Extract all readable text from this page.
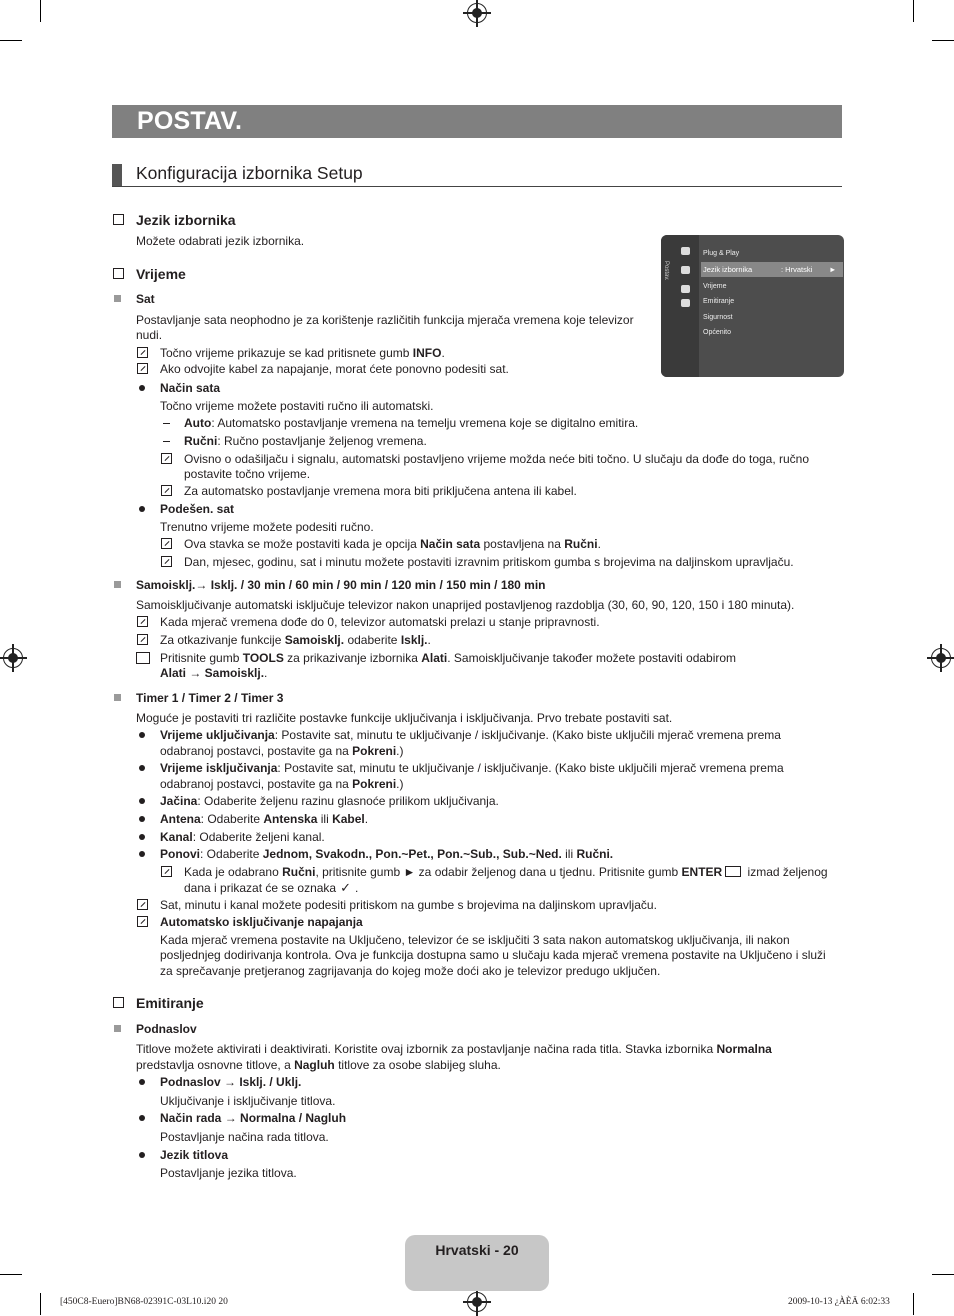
POSTAV.
Konfiguracija izbornika Setup
Jezik izbornika
Možete odabrati jezik izbornika.
Postav.
Plug & Play
Jezik izbornika	: Hrvatski ►
Vrijeme
Emitiranje
Sigurnost
Općenito
Vrijeme
Sat
Postavljanje sata neophodno je za korištenje različitih funkcija mjerača vremena koje televizor
nudi.
Točno vrijeme prikazuje se kad pritisnete gumb INFO.
Ako odvojite kabel za napajanje, morat ćete ponovno podesiti sat.
Način sata
Točno vrijeme možete postaviti ručno ili automatski.
Auto: Automatsko postavljanje vremena na temelju vremena koje se digitalno emitira.
Ručni: Ručno postavljanje željenog vremena.
Ovisno o odašiljaču i signalu, automatski postavljeno vrijeme možda neće biti točno. U slučaju da dođe do toga, ručno
postavite točno vrijeme.
Za automatsko postavljanje vremena mora biti priključena antena ili kabel.
Podešen. sat
Trenutno vrijeme možete podesiti ručno.
Ova stavka se može postaviti kada je opcija Način sata postavljena na Ručni.
Dan, mjesec, godinu, sat i minutu možete postaviti izravnim pritiskom gumba s brojevima na daljinskom upravljaču.
Samoisklj.→ Isklj. / 30 min / 60 min / 90 min / 120 min / 150 min / 180 min
Samoisključivanje automatski isključuje televizor nakon unaprijed postavljenog razdoblja (30, 60, 90, 120, 150 i 180 minuta).
Kada mjerač vremena dođe do 0, televizor automatski prelazi u stanje pripravnosti.
Za otkazivanje funkcije Samoisklj. odaberite Isklj..
Pritisnite gumb TOOLS za prikazivanje izbornika Alati. Samoisključivanje također možete postaviti odabirom
Alati → Samoisklj..
Timer 1 / Timer 2 / Timer 3
Moguće je postaviti tri različite postavke funkcije uključivanja i isključivanja. Prvo trebate postaviti sat.
Vrijeme uključivanja: Postavite sat, minutu te uključivanje / isključivanje. (Kako biste uključili mjerač vremena prema
odabranoj postavci, postavite ga na Pokreni.)
Vrijeme isključivanja: Postavite sat, minutu te uključivanje / isključivanje. (Kako biste uključili mjerač vremena prema
odabranoj postavci, postavite ga na Pokreni.)
Jačina: Odaberite željenu razinu glasnoće prilikom uključivanja.
Antena: Odaberite Antenska ili Kabel.
Kanal: Odaberite željeni kanal.
Ponovi: Odaberite Jednom, Svakodn., Pon.~Pet., Pon.~Sub., Sub.~Ned. ili Ručni.
Kada je odabrano Ručni, pritisnite gumb ► za odabir željenog dana u tjednu. Pritisnite gumb ENTER izmad željenog
dana i prikazat će se oznaka ✓ .
Sat, minutu i kanal možete podesiti pritiskom na gumbe s brojevima na daljinskom upravljaču.
Automatsko isključivanje napajanja
Kada mjerač vremena postavite na Uključeno, televizor će se isključiti 3 sata nakon automatskog uključivanja, ili nakon
posljednjeg dodirivanja kontrola. Ova je funkcija dostupna samo u slučaju kada mjerač vremena postavite na Uključeno i služi
za sprečavanje pretjeranog zagrijavanja do kojeg može doći ako je televizor predugo uključen.
Emitiranje
Podnaslov
Titlove možete aktivirati i deaktivirati. Koristite ovaj izbornik za postavljanje načina rada titla. Stavka izbornika Normalna
predstavlja osnovne titlove, a Nagluh titlove za osobe slabijeg sluha.
Podnaslov → Isklj. / Uklj.
Uključivanje i isključivanje titlova.
Način rada → Normalna / Nagluh
Postavljanje načina rada titlova.
Jezik titlova
Postavljanje jezika titlova.
Hrvatski - 20
[450C8-Euero]BN68-02391C-03L10.i20 20	2009-10-13 ¿ÀÈÄ 6:02:33
